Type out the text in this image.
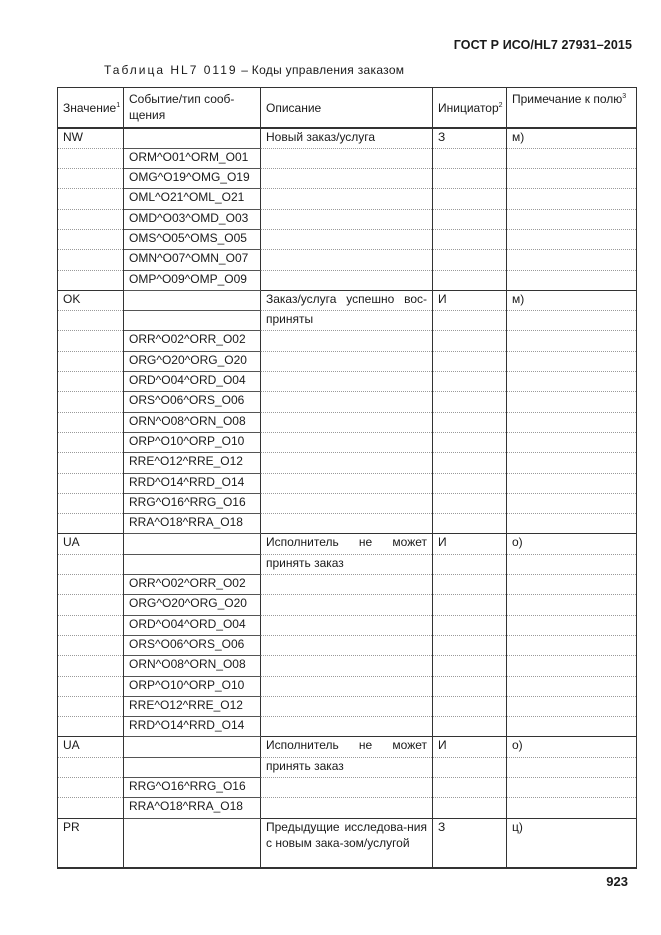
ГОСТ Р ИСО/HL7 27931–2015
Таблица HL7 0119 – Коды управления заказом
Значение$^1$	Событие/тип сооб-щения	Описание	Инициатор$^2$	Примечание к полю$^3$
NW		Новый заказ/услуга	З	м)
	ORM^O01^ORM_O01			
	OMG^O19^OMG_O19			
	OML^O21^OML_O21			
	OMD^O03^OMD_O03			
	OMS^O05^OMS_O05			
	OMN^O07^OMN_O07			
	OMP^O09^OMP_O09			
OK		Заказ/услуга успешно вос-	И	м)
		приняты		
	ORR^O02^ORR_O02			
	ORG^O20^ORG_O20			
	ORD^O04^ORD_O04			
	ORS^O06^ORS_O06			
	ORN^O08^ORN_O08			
	ORP^O10^ORP_O10			
	RRE^O12^RRE_O12			
	RRD^O14^RRD_O14			
	RRG^O16^RRG_O16			
	RRA^O18^RRA_O18			
UA		Исполнитель не может	И	о)
		принять заказ		
	ORR^O02^ORR_O02			
	ORG^O20^ORG_O20			
	ORD^O04^ORD_O04			
	ORS^O06^ORS_O06			
	ORN^O08^ORN_O08			
	ORP^O10^ORP_O10			
	RRE^O12^RRE_O12			
	RRD^O14^RRD_O14			
UA		Исполнитель не может	И	о)
		принять заказ		
	RRG^O16^RRG_O16			
	RRA^O18^RRA_O18			
PR		Предыдущие исследова-ния с новым зака-зом/услугой	З	ц)
923
